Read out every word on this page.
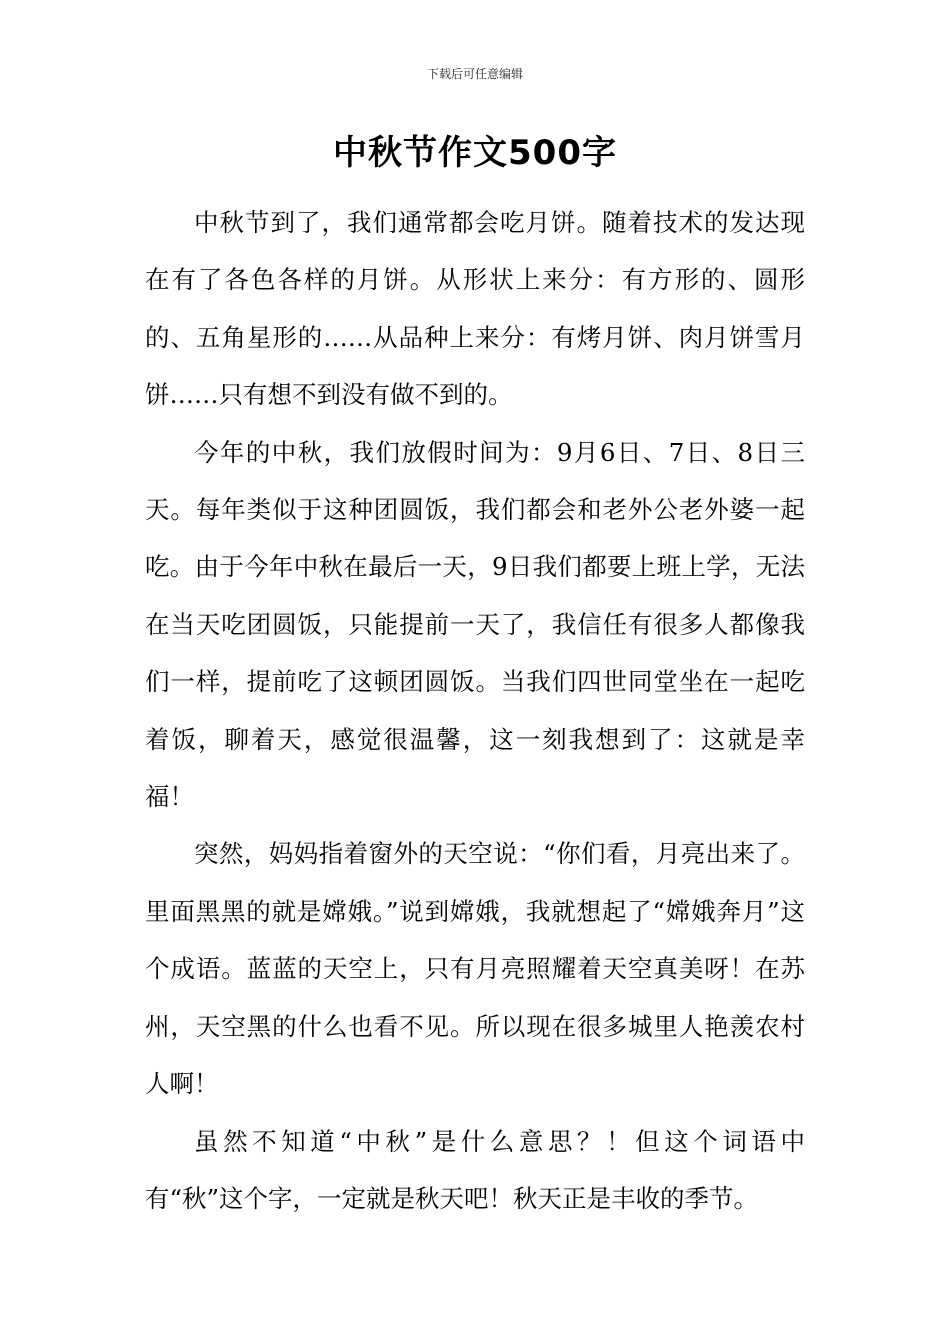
下载后可任意编辑
中秋节作文500字

中秋节到了，我们通常都会吃月饼。随着技术的发达现在有了各色各样的月饼。从形状上来分：有方形的、圆形的、五角星形的……从品种上来分：有烤月饼、肉月饼雪月饼……只有想不到没有做不到的。

今年的中秋，我们放假时间为：9月6日、7日、8日三天。每年类似于这种团圆饭，我们都会和老外公老外婆一起吃。由于今年中秋在最后一天，9日我们都要上班上学，无法在当天吃团圆饭，只能提前一天了，我信任有很多人都像我们一样，提前吃了这顿团圆饭。当我们四世同堂坐在一起吃着饭，聊着天，感觉很温馨，这一刻我想到了：这就是幸福！

突然，妈妈指着窗外的天空说：“你们看，月亮出来了。里面黑黑的就是嫦娥。”说到嫦娥，我就想起了“嫦娥奔月”这个成语。蓝蓝的天空上，只有月亮照耀着天空真美呀！在苏州，天空黑的什么也看不见。所以现在很多城里人艳羡农村人啊！

虽然不知道“中秋”是什么意思？！但这个词语中有“秋”这个字，一定就是秋天吧！秋天正是丰收的季节。
